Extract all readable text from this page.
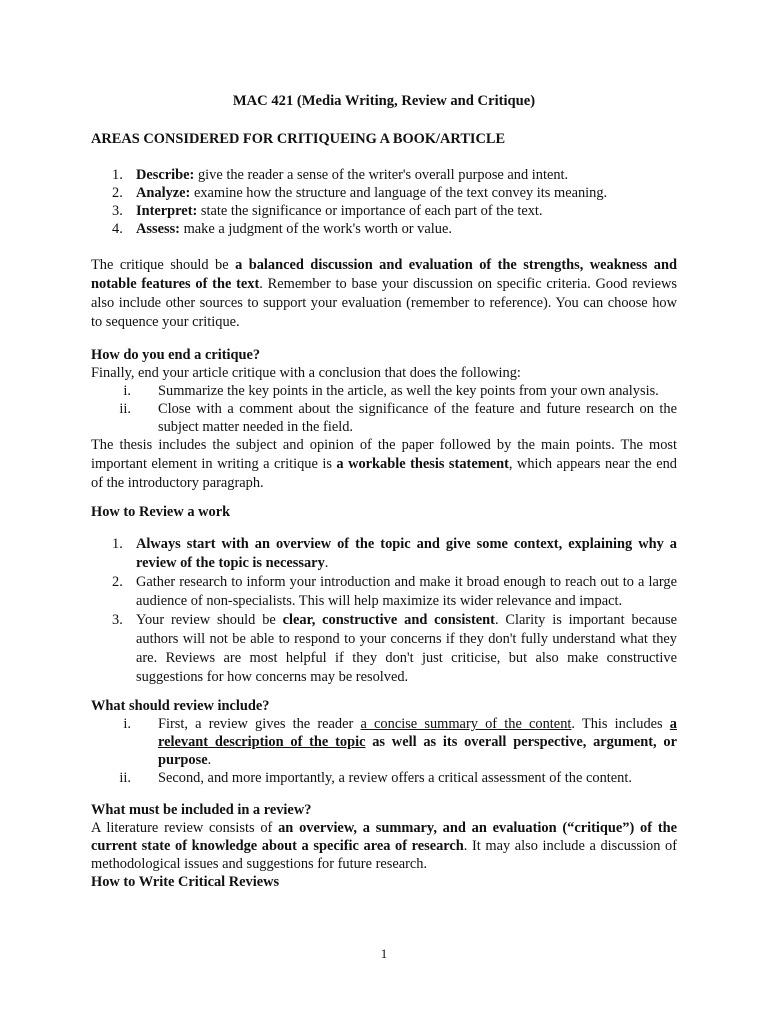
MAC 421 (Media Writing, Review and Critique)
AREAS CONSIDERED FOR CRITIQUEING A BOOK/ARTICLE
1. Describe: give the reader a sense of the writer's overall purpose and intent.
2. Analyze: examine how the structure and language of the text convey its meaning.
3. Interpret: state the significance or importance of each part of the text.
4. Assess: make a judgment of the work's worth or value.

The critique should be a balanced discussion and evaluation of the strengths, weakness and notable features of the text. Remember to base your discussion on specific criteria. Good reviews also include other sources to support your evaluation (remember to reference). You can choose how to sequence your critique.

How do you end a critique?

Finally, end your article critique with a conclusion that does the following:

i.	Summarize the key points in the article, as well the key points from your own analysis.
ii.	Close with a comment about the significance of the feature and future research on the subject matter needed in the field.

The thesis includes the subject and opinion of the paper followed by the main points. The most important element in writing a critique is a workable thesis statement, which appears near the end of the introductory paragraph.

How to Review a work
1. Always start with an overview of the topic and give some context, explaining why a review of the topic is necessary.
2. Gather research to inform your introduction and make it broad enough to reach out to a large audience of non-specialists. This will help maximize its wider relevance and impact.
3. Your review should be clear, constructive and consistent. Clarity is important because authors will not be able to respond to your concerns if they don't fully understand what they are. Reviews are most helpful if they don't just criticise, but also make constructive suggestions for how concerns may be resolved.
What should review include?
i.	First, a review gives the reader a concise summary of the content. This includes a relevant description of the topic as well as its overall perspective, argument, or purpose.
ii.	Second, and more importantly, a review offers a critical assessment of the content.
What must be included in a review?

A literature review consists of an overview, a summary, and an evaluation (“critique”) of the current state of knowledge about a specific area of research. It may also include a discussion of methodological issues and suggestions for future research.

How to Write Critical Reviews
1
